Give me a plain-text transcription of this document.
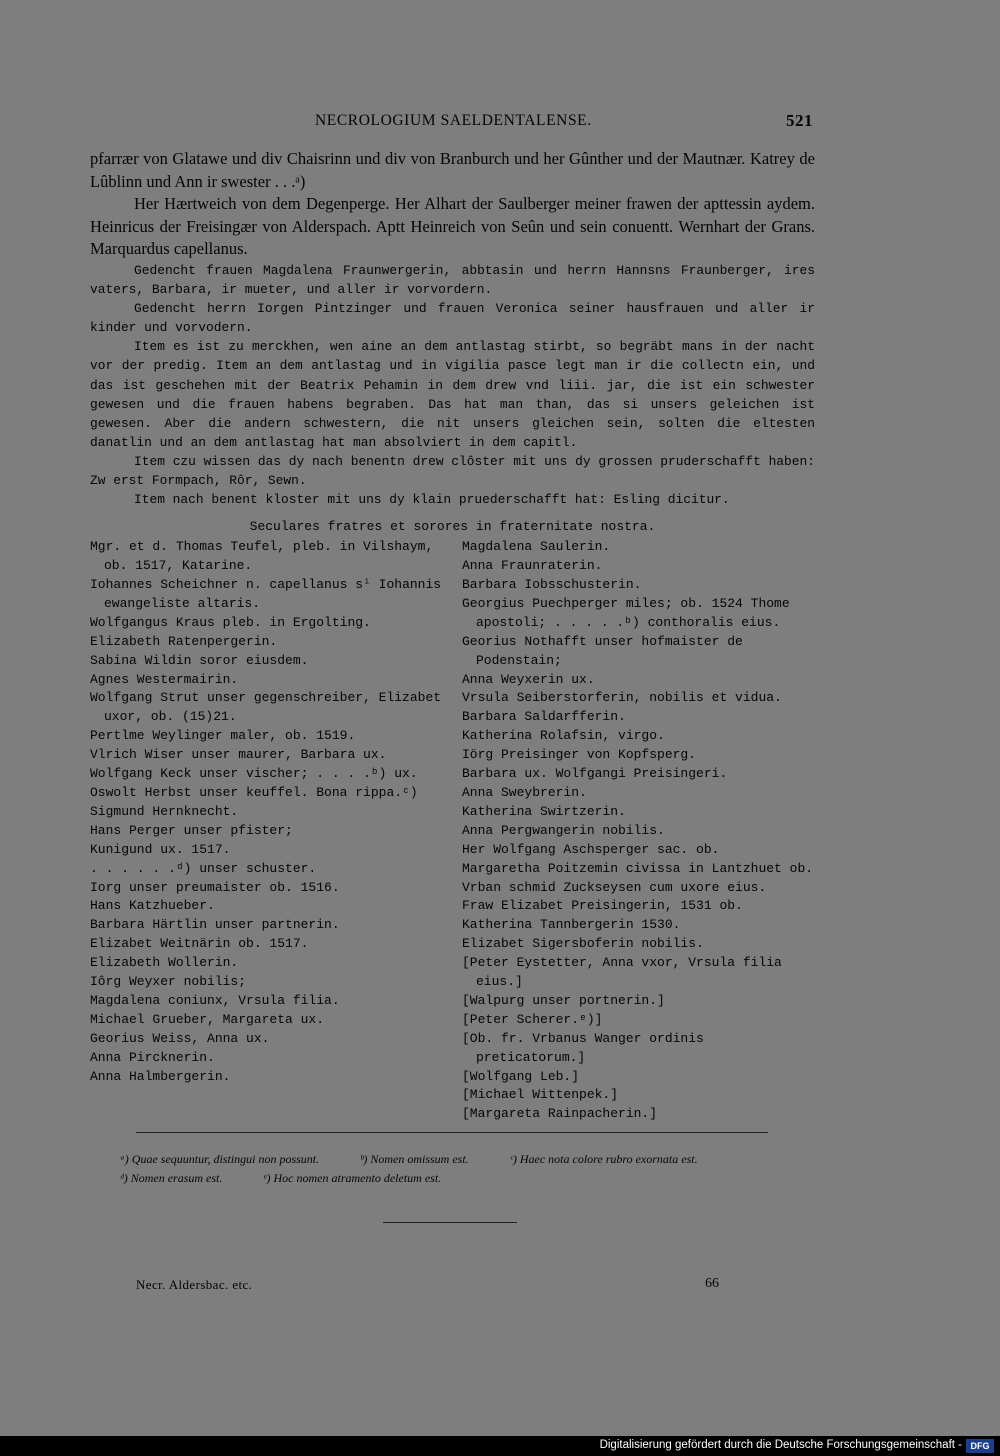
NECROLOGIUM SAELDENTALENSE.	521

pfarrær von Glatawe und div Chaisrinn und div von Branburch und her Gûnther und der Mautnær. Katrey de Lûblinn und Ann ir swester . . .ᵃ)

Her Hærtweich von dem Degenperge. Her Alhart der Saulberger meiner frawen der apttessin aydem. Heinricus der Freisingær von Alderspach. Aptt Heinreich von Seûn und sein conuentt. Wernhart der Grans. Marquardus capellanus.

Gedencht frauen Magdalena Fraunwergerin, abbtasin und herrn Hannsns Fraunberger, ires vaters, Barbara, ir mueter, und aller ir vorvordern.

Gedencht herrn Iorgen Pintzinger und frauen Veronica seiner hausfrauen und aller ir kinder und vorvodern.

Item es ist zu merckhen, wen aine an dem antlastag stirbt, so begräbt mans in der nacht vor der predig. Item an dem antlastag und in vigilia pasce legt man ir die collectn ein, und das ist geschehen mit der Beatrix Pehamin in dem drew vnd liii. jar, die ist ein schwester gewesen und die frauen habens begraben. Das hat man than, das si unsers geleichen ist gewesen. Aber die andern schwestern, die nit unsers gleichen sein, solten die eltesten danatlin und an dem antlastag hat man absolviert in dem capitl.

Item czu wissen das dy nach benentn drew clôster mit uns dy grossen pruderschafft haben: Zw erst Formpach, Rôr, Sewn.

Item nach benent kloster mit uns dy klain pruederschafft hat: Esling dicitur.

Seculares fratres et sorores in fraternitate nostra.
Mgr. et d. Thomas Teufel, pleb. in Vilshaym, ob. 1517, Katarine.
Iohannes Scheichner n. capellanus sⁱ Iohannis ewangeliste altaris.
Wolfgangus Kraus pleb. in Ergolting.
Elizabeth Ratenpergerin.
Sabina Wildin soror eiusdem.
Agnes Westermairin.
Wolfgang Strut unser gegenschreiber, Elizabet uxor, ob. (15)21.
Pertlme Weylinger maler, ob. 1519.
Vlrich Wiser unser maurer, Barbara ux.
Wolfgang Keck unser vischer; . . . .ᵇ) ux.
Oswolt Herbst unser keuffel. Bona rippa.ᶜ)
Sigmund Hernknecht.
Hans Perger unser pfister;
Kunigund ux. 1517.
. . . . . .ᵈ) unser schuster.
Iorg unser preumaister ob. 1516.
Hans Katzhueber.
Barbara Härtlin unser partnerin.
Elizabet Weitnärin ob. 1517.
Elizabeth Wollerin.
Iôrg Weyxer nobilis;
Magdalena coniunx, Vrsula filia.
Michael Grueber, Margareta ux.
Georius Weiss, Anna ux.
Anna Pircknerin.
Anna Halmbergerin.
Magdalena Saulerin.
Anna Fraunraterin.
Barbara Iobsschusterin.
Georgius Puechperger miles; ob. 1524 Thome apostoli; . . . . .ᵇ) conthoralis eius.
Georius Nothafft unser hofmaister de Podenstain;
Anna Weyxerin ux.
Vrsula Seiberstorferin, nobilis et vidua.
Barbara Saldarfferin.
Katherina Rolafsin, virgo.
Iörg Preisinger von Kopfsperg.
Barbara ux. Wolfgangi Preisingeri.
Anna Sweybrerin.
Katherina Swirtzerin.
Anna Pergwangerin nobilis.
Her Wolfgang Aschsperger sac. ob.
Margaretha Poitzemin civissa in Lantzhuet ob.
Vrban schmid Zuckseysen cum uxore eius.
Fraw Elizabet Preisingerin, 1531 ob.
Katherina Tannbergerin 1530.
Elizabet Sigersboferin nobilis.
[Peter Eystetter, Anna vxor, Vrsula filia eius.]
[Walpurg unser portnerin.]
[Peter Scherer.ᵉ)]
[Ob. fr. Vrbanus Wanger ordinis preticatorum.]
[Wolfgang Leb.]
[Michael Wittenpek.]
[Margareta Rainpacherin.]
ᵃ) Quae sequuntur, distingui non possunt.	ᵇ) Nomen omissum est.	ᶜ) Haec nota colore rubro exornata est.
ᵈ) Nomen erasum est.	ᵉ) Hoc nomen atramento deletum est.
Necr. Aldersbac. etc.	66
Digitalisierung gefördert durch die Deutsche Forschungsgemeinschaft - DFG
